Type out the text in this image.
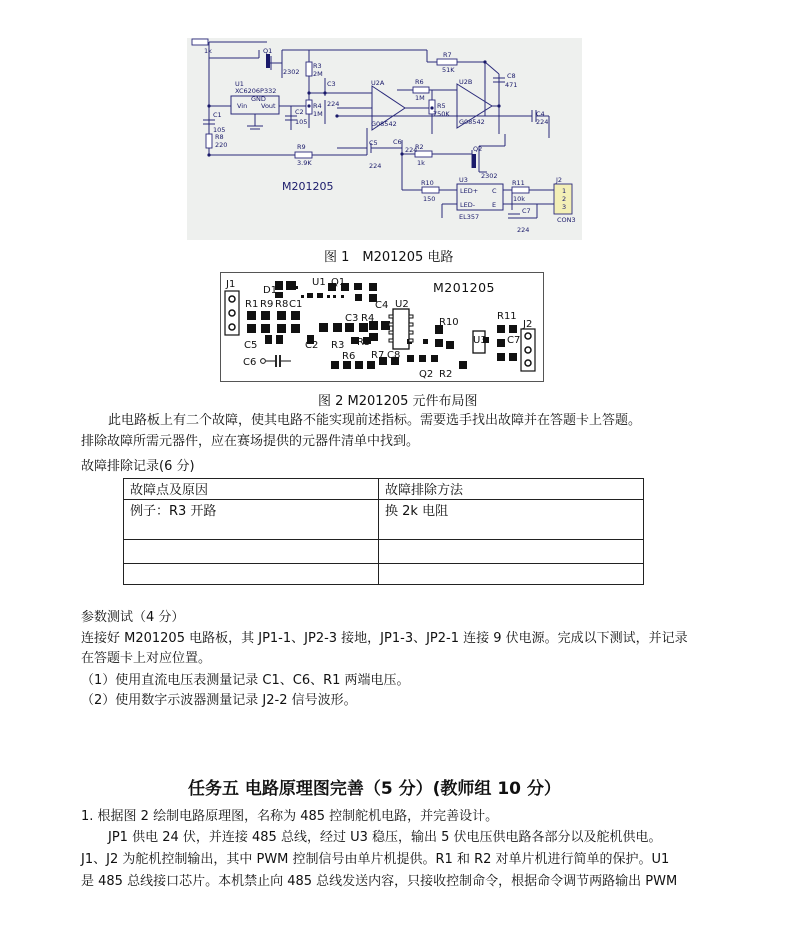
1k	Q1
2302
R3
2M
C3
224
R4
1M
U1
XC6206P332
Vin Vout
GND
C1
105
C2
105
R8
220	R9
3.9K
U2A
G08542
R6
1M
R5
750K
U2B
G08542
R7
51K
C8
471
C4
224
C5
224
C6
224
R2
1k
Q2
2302
R10
150
U3
EL357
LED+
LED-
C
E
R11
10k
C7
224
J2
CON3
1
2
3
M201205
图 1　M201205 电路
J1
D1
U1 Q1
R1 R9 R8 C1	U2
C4
C3 R4	R10
R11
J2
C5	C2 R3 R5	U3 C7
C6
R6 R7 C8
Q2 R2
M201205
图 2 M201205 元件布局图
此电路板上有二个故障，使其电路不能实现前述指标。需要选手找出故障并在答题卡上答题。
排除故障所需元器件，应在赛场提供的元器件清单中找到。
故障排除记录(6 分)
故障点及原因	故障排除方法
例子：R3 开路	换 2k 电阻

参数测试（4 分）
连接好 M201205 电路板，其 JP1-1、JP2-3 接地，JP1-3、JP2-1 连接 9 伏电源。完成以下测试，并记录
在答题卡上对应位置。
（1）使用直流电压表测量记录 C1、C6、R1 两端电压。
（2）使用数字示波器测量记录 J2-2 信号波形。
任务五 电路原理图完善（5 分）(教师组 10 分）
1. 根据图 2 绘制电路原理图，名称为 485 控制舵机电路，并完善设计。
JP1 供电 24 伏，并连接 485 总线，经过 U3 稳压，输出 5 伏电压供电路各部分以及舵机供电。
J1、J2 为舵机控制输出，其中 PWM 控制信号由单片机提供。R1 和 R2 对单片机进行简单的保护。U1
是 485 总线接口芯片。本机禁止向 485 总线发送内容，只接收控制命令，根据命令调节两路输出 PWM
